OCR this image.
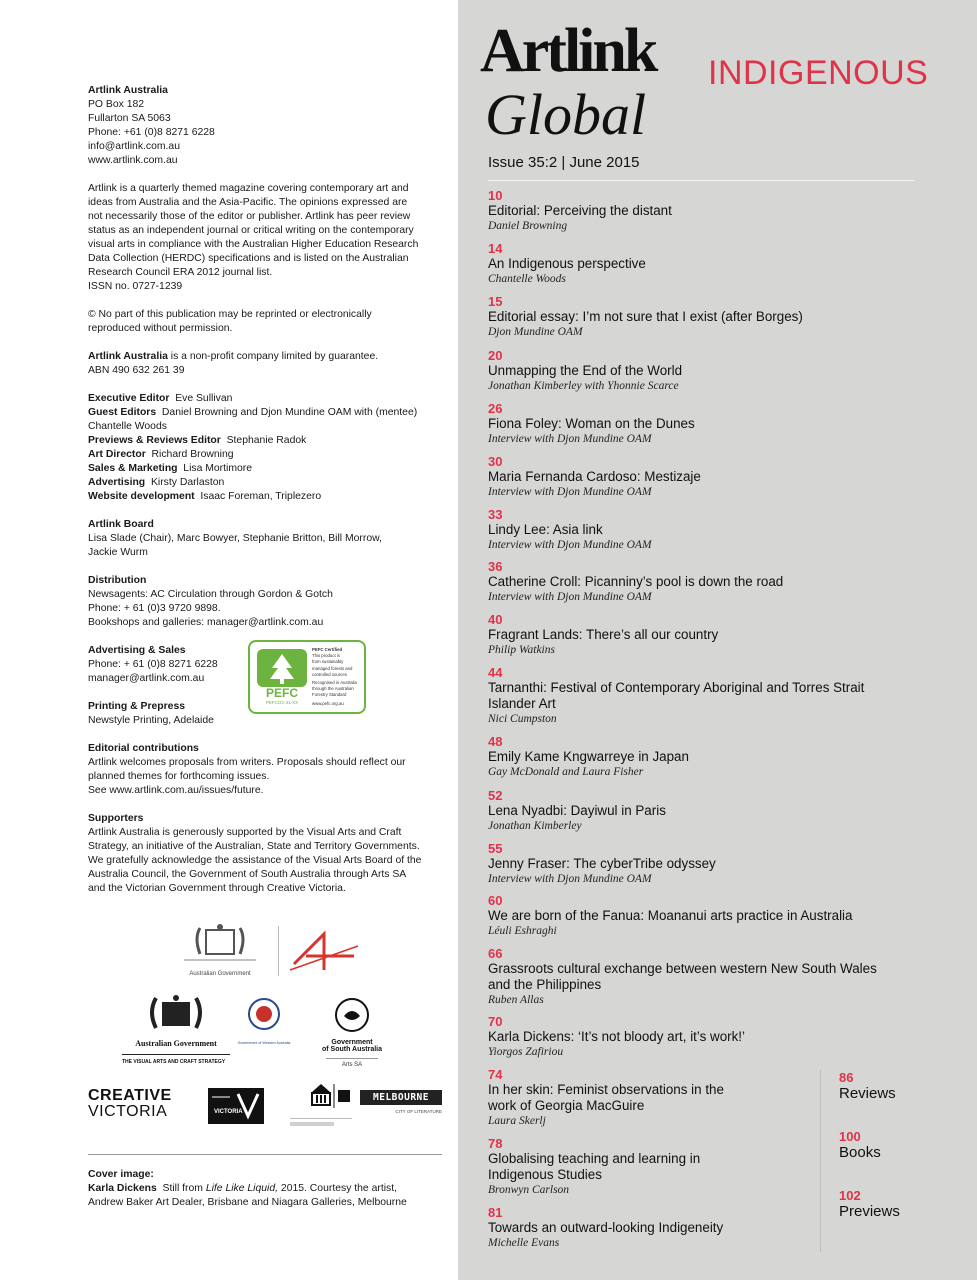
Artlink Australia

PO Box 182

Fullarton SA 5063

Phone: +61 (0)8 8271 6228

info@artlink.com.au

www.artlink.com.au

Artlink is a quarterly themed magazine covering contemporary art and

ideas from Australia and the Asia-Pacific. The opinions expressed are

not necessarily those of the editor or publisher. Artlink has peer review

status as an independent journal or critical writing on the contemporary

visual arts in compliance with the Australian Higher Education Research

Data Collection (HERDC) specifications and is listed on the Australian

Research Council ERA 2012 journal list.

ISSN no. 0727-1239

© No part of this publication may be reprinted or electronically

reproduced without permission.

Artlink Australia is a non-profit company limited by guarantee.

ABN 490 632 261 39

Executive Editor Eve Sullivan

Guest Editors Daniel Browning and Djon Mundine OAM with (mentee)

Chantelle Woods

Previews & Reviews Editor Stephanie Radok

Art Director Richard Browning

Sales & Marketing Lisa Mortimore

Advertising Kirsty Darlaston

Website development Isaac Foreman, Triplezero

Artlink Board

Lisa Slade (Chair), Marc Bowyer, Stephanie Britton, Bill Morrow,

Jackie Wurm

Distribution

Newsagents: AC Circulation through Gordon & Gotch

Phone: + 61 (0)3 9720 9898.

Bookshops and galleries: manager@artlink.com.au

Advertising & Sales

Phone: + 61 (0)8 8271 6228

manager@artlink.com.au

Printing & Prepress

Newstyle Printing, Adelaide

PEFC
PEFC/21-31-XX
PEFC Certified
This product is
from sustainably
managed forests and
controlled sources
Recognised in Australia
through the Australian
Forestry Standard
www.pefc.org.au

Editorial contributions

Artlink welcomes proposals from writers. Proposals should reflect our

planned themes for forthcoming issues.

See www.artlink.com.au/issues/future.

Supporters

Artlink Australia is generously supported by the Visual Arts and Craft

Strategy, an initiative of the Australian, State and Territory Governments.

We gratefully acknowledge the assistance of the Visual Arts Board of the

Australia Council, the Government of South Australia through Arts SA

and the Victorian Government through Creative Victoria.

Australian Government
Australian Government
THE VISUAL ARTS AND CRAFT STRATEGY
Government of Western Australia	Government
of South Australia
Arts SA
CREATIVE
VICTORIA	VICTORIA
MELBOURNE
CITY OF LITERATURE

Cover image:

Karla Dickens  Still from Life Like Liquid, 2015. Courtesy the artist,

Andrew Baker Art Dealer, Brisbane and Niagara Galleries, Melbourne

Artlink INDIGENOUS
Global
Issue 35:2 | June 2015
10
Editorial: Perceiving the distant
Daniel Browning
14
An Indigenous perspective
Chantelle Woods
15
Editorial essay: I’m not sure that I exist (after Borges)
Djon Mundine OAM
20
Unmapping the End of the World
Jonathan Kimberley with Yhonnie Scarce
26
Fiona Foley: Woman on the Dunes
Interview with Djon Mundine OAM
30
Maria Fernanda Cardoso: Mestizaje
Interview with Djon Mundine OAM
33
Lindy Lee: Asia link
Interview with Djon Mundine OAM
36
Catherine Croll: Picanniny’s pool is down the road
Interview with Djon Mundine OAM
40
Fragrant Lands: There’s all our country
Philip Watkins
44
Tarnanthi: Festival of Contemporary Aboriginal and Torres Strait
Islander Art
Nici Cumpston
48
Emily Kame Kngwarreye in Japan
Gay McDonald and Laura Fisher
52
Lena Nyadbi: Dayiwul in Paris
Jonathan Kimberley
55
Jenny Fraser: The cyberTribe odyssey
Interview with Djon Mundine OAM
60
We are born of the Fanua: Moananui arts practice in Australia
Léuli Eshraghi
66
Grassroots cultural exchange between western New South Wales
and the Philippines
Ruben Allas
70
Karla Dickens: ‘It’s not bloody art, it’s work!’
Yiorgos Zafiriou
74
In her skin: Feminist observations in the
work of Georgia MacGuire
Laura Skerlj
78
Globalising teaching and learning in
Indigenous Studies
Bronwyn Carlson
81
Towards an outward-looking Indigeneity
Michelle Evans
86
Reviews
100
Books
102
Previews
